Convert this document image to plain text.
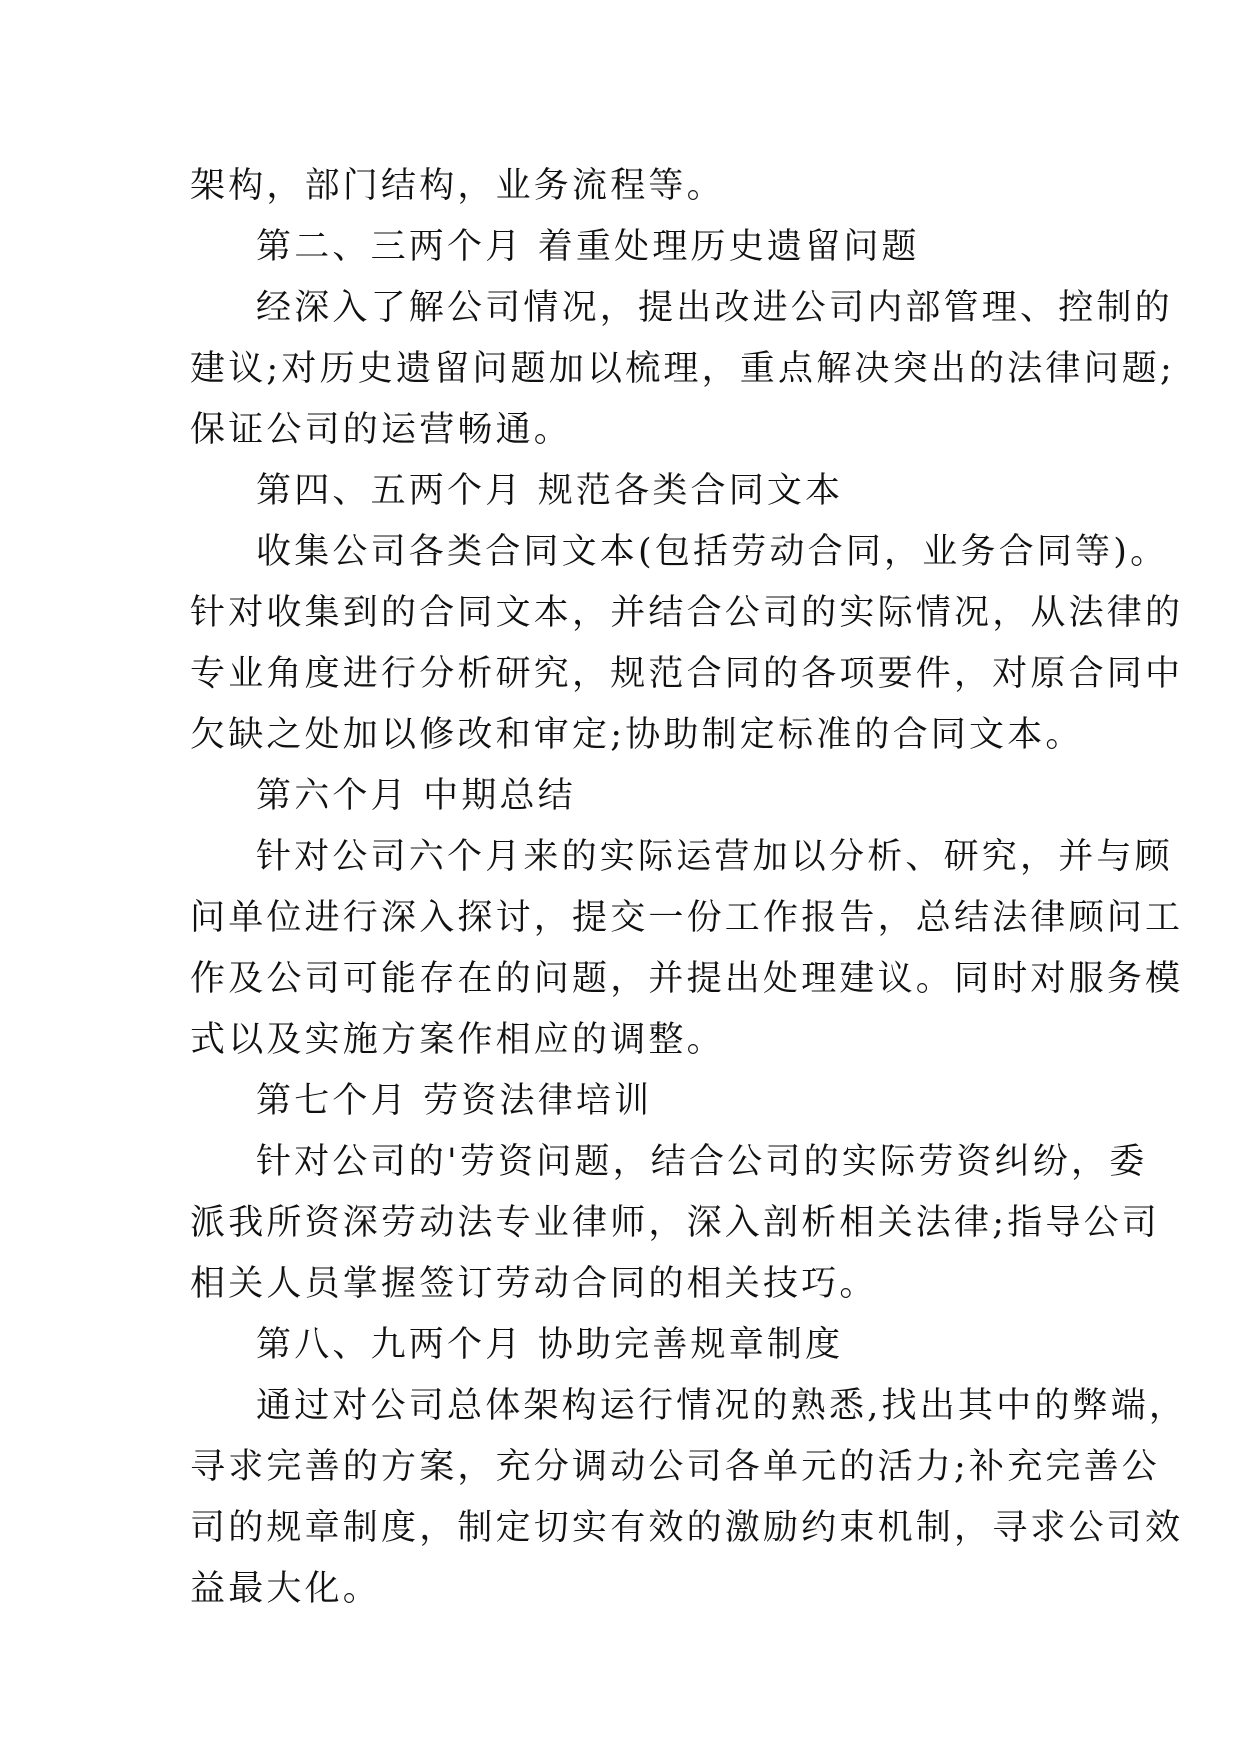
架构，部门结构，业务流程等。
第二、三两个月 着重处理历史遗留问题
经深入了解公司情况，提出改进公司内部管理、控制的
建议;对历史遗留问题加以梳理，重点解决突出的法律问题;
保证公司的运营畅通。
第四、五两个月 规范各类合同文本
收集公司各类合同文本(包括劳动合同，业务合同等)。
针对收集到的合同文本，并结合公司的实际情况，从法律的
专业角度进行分析研究，规范合同的各项要件，对原合同中
欠缺之处加以修改和审定;协助制定标准的合同文本。
第六个月 中期总结
针对公司六个月来的实际运营加以分析、研究，并与顾
问单位进行深入探讨，提交一份工作报告，总结法律顾问工
作及公司可能存在的问题，并提出处理建议。同时对服务模
式以及实施方案作相应的调整。
第七个月 劳资法律培训
针对公司的'劳资问题，结合公司的实际劳资纠纷，委
派我所资深劳动法专业律师，深入剖析相关法律;指导公司
相关人员掌握签订劳动合同的相关技巧。
第八、九两个月 协助完善规章制度
通过对公司总体架构运行情况的熟悉,找出其中的弊端，
寻求完善的方案，充分调动公司各单元的活力;补充完善公
司的规章制度，制定切实有效的激励约束机制，寻求公司效
益最大化。
